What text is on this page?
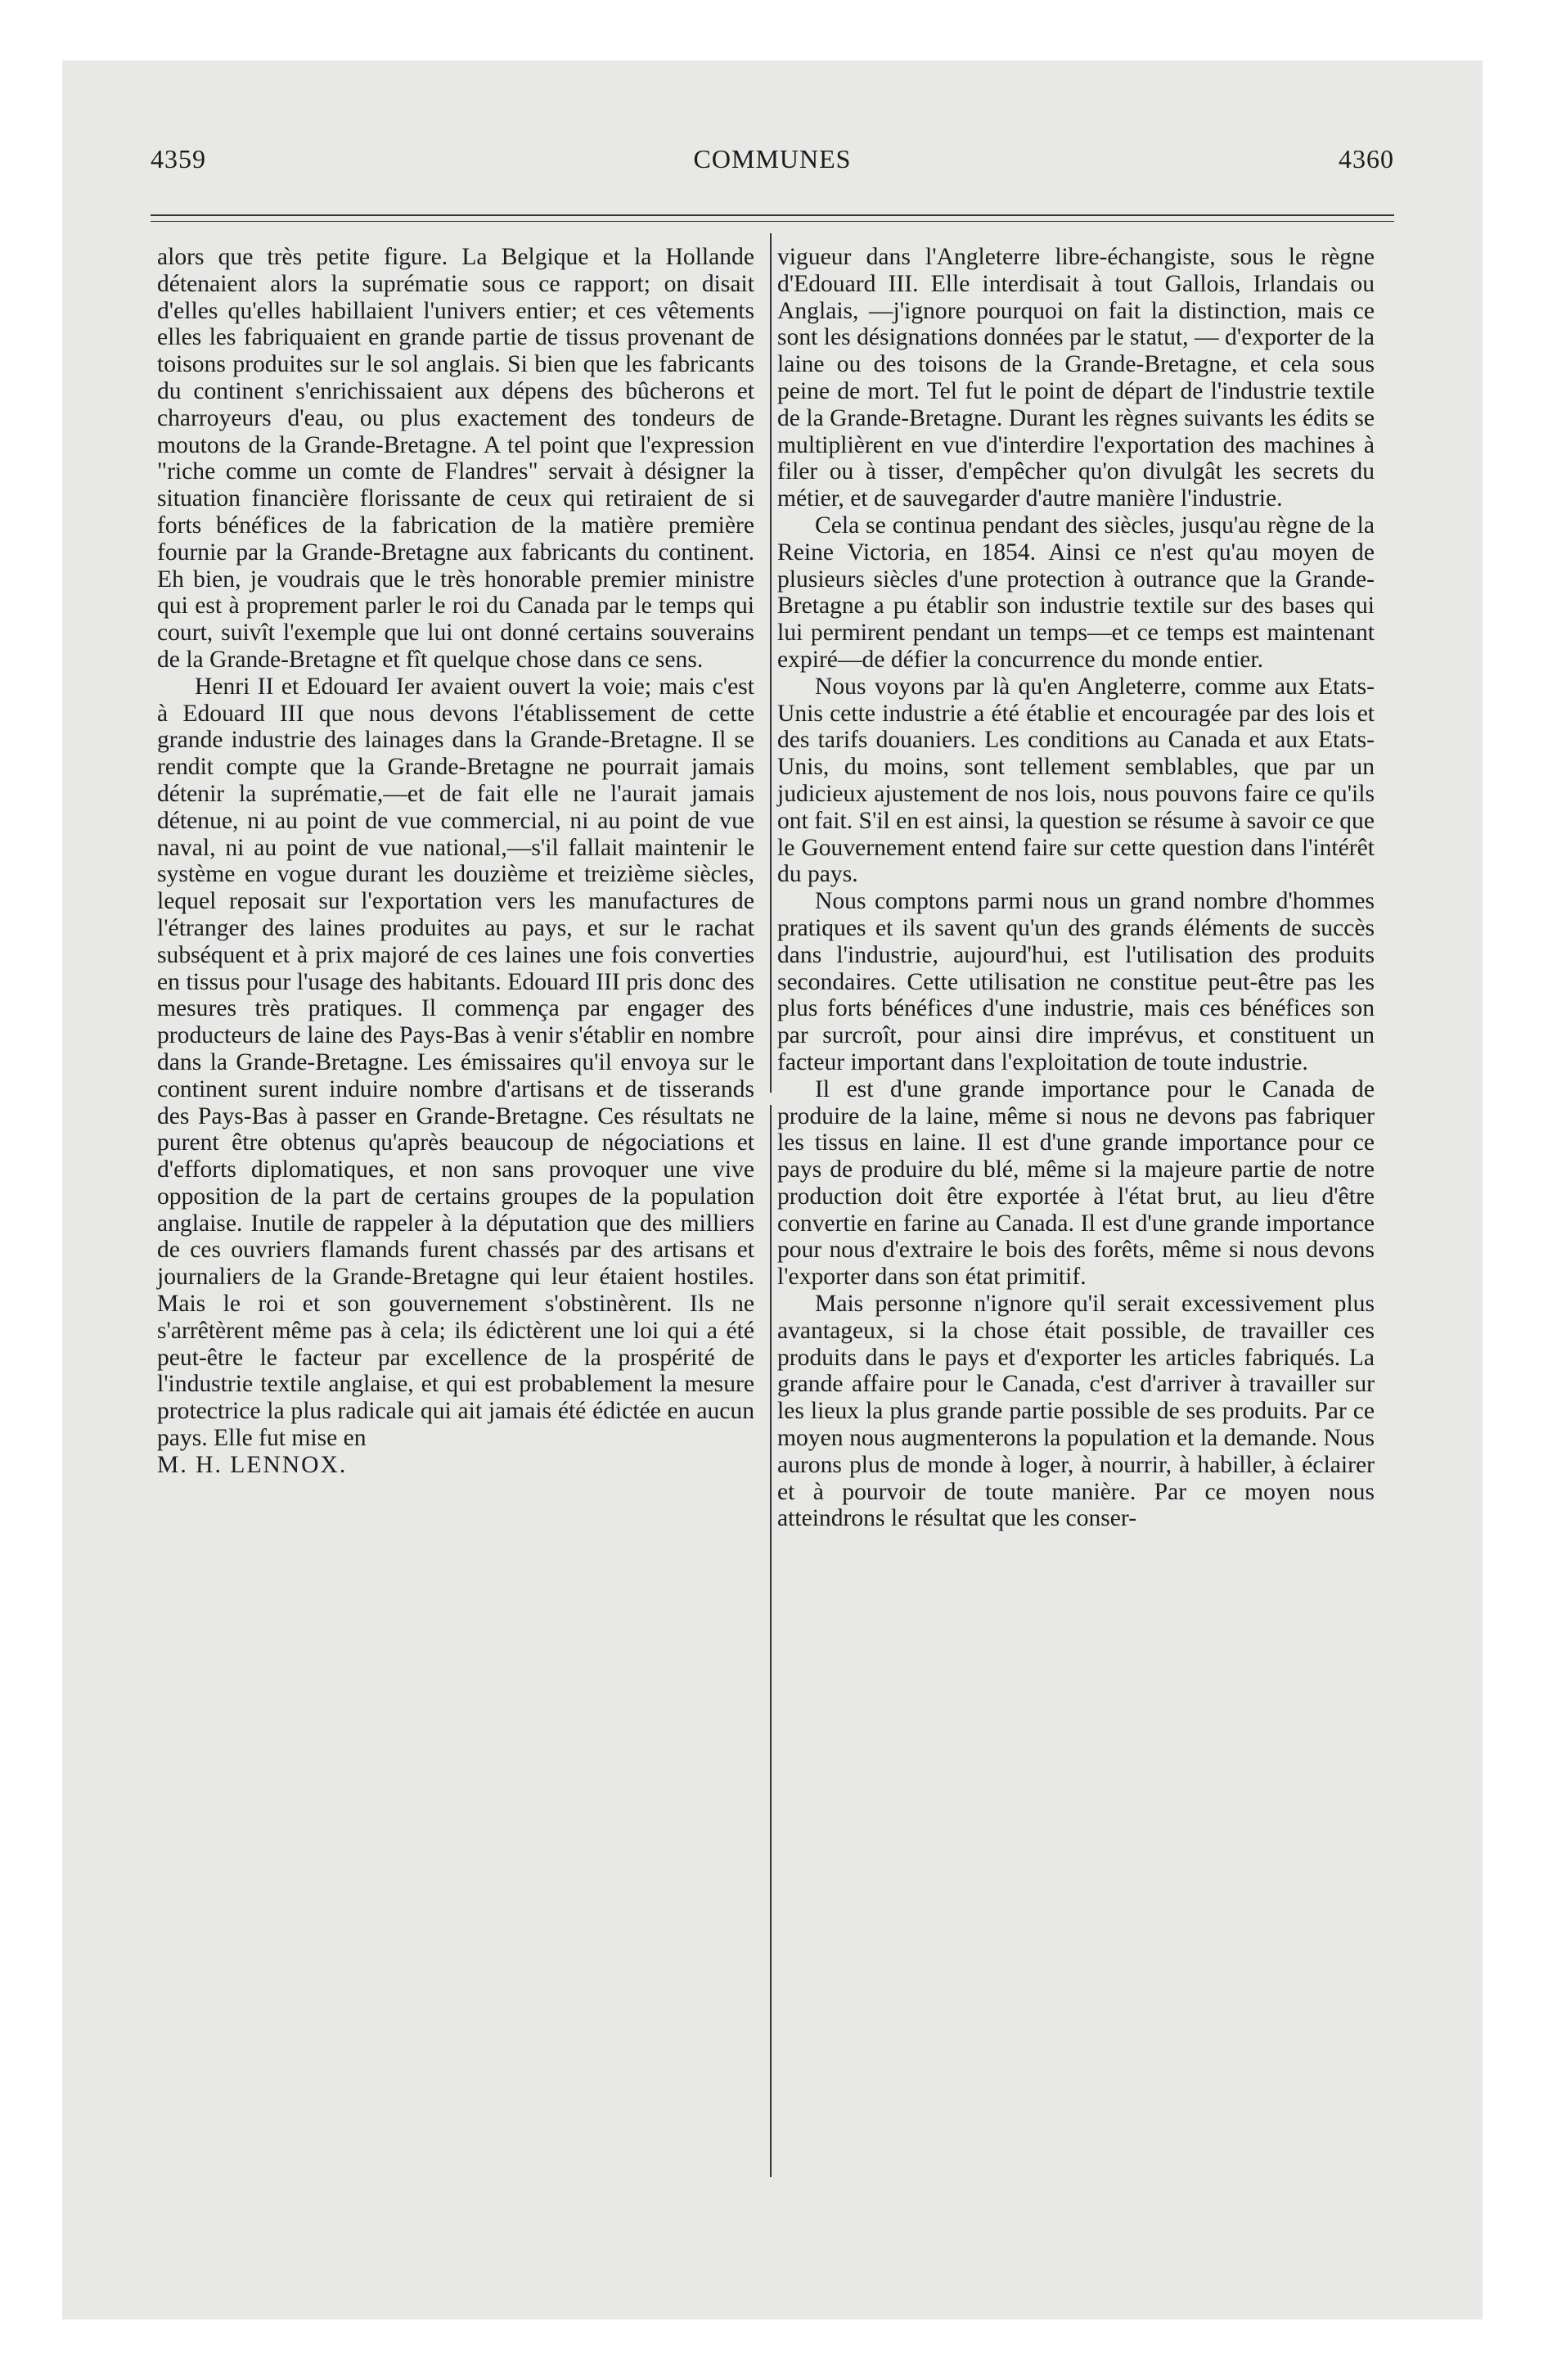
4359	COMMUNES	4360

alors que très petite figure. La Belgique et la Hollande détenaient alors la suprématie sous ce rapport; on disait d'elles qu'elles habillaient l'univers entier; et ces vêtements elles les fabriquaient en grande partie de tissus provenant de toisons produites sur le sol anglais. Si bien que les fabricants du continent s'enrichissaient aux dépens des bûcherons et charroyeurs d'eau, ou plus exactement des tondeurs de moutons de la Grande-Bretagne. A tel point que l'expression "riche comme un comte de Flandres" servait à désigner la situation financière florissante de ceux qui retiraient de si forts bénéfices de la fabrication de la matière première fournie par la Grande-Bretagne aux fabricants du continent. Eh bien, je voudrais que le très honorable premier ministre qui est à proprement parler le roi du Canada par le temps qui court, suivît l'exemple que lui ont donné certains souverains de la Grande-Bretagne et fît quelque chose dans ce sens.

Henri II et Edouard Ier avaient ouvert la voie; mais c'est à Edouard III que nous devons l'établissement de cette grande industrie des lainages dans la Grande-Bretagne. Il se rendit compte que la Grande-Bretagne ne pourrait jamais détenir la suprématie,—et de fait elle ne l'aurait jamais détenue, ni au point de vue commercial, ni au point de vue naval, ni au point de vue national,—s'il fallait maintenir le système en vogue durant les douzième et treizième siècles, lequel reposait sur l'exportation vers les manufactures de l'étranger des laines produites au pays, et sur le rachat subséquent et à prix majoré de ces laines une fois converties en tissus pour l'usage des habitants. Edouard III pris donc des mesures très pratiques. Il commença par engager des producteurs de laine des Pays-Bas à venir s'établir en nombre dans la Grande-Bretagne. Les émissaires qu'il envoya sur le continent surent induire nombre d'artisans et de tisserands des Pays-Bas à passer en Grande-Bretagne. Ces résultats ne purent être obtenus qu'après beaucoup de négociations et d'efforts diplomatiques, et non sans provoquer une vive opposition de la part de certains groupes de la population anglaise. Inutile de rappeler à la députation que des milliers de ces ouvriers flamands furent chassés par des artisans et journaliers de la Grande-Bretagne qui leur étaient hostiles. Mais le roi et son gouvernement s'obstinèrent. Ils ne s'arrêtèrent même pas à cela; ils édictèrent une loi qui a été peut-être le facteur par excellence de la prospérité de l'industrie textile anglaise, et qui est probablement la mesure protectrice la plus radicale qui ait jamais été édictée en aucun pays. Elle fut mise en

M. H. LENNOX.

vigueur dans l'Angleterre libre-échangiste, sous le règne d'Edouard III. Elle interdisait à tout Gallois, Irlandais ou Anglais, —j'ignore pourquoi on fait la distinction, mais ce sont les désignations données par le statut, — d'exporter de la laine ou des toisons de la Grande-Bretagne, et cela sous peine de mort. Tel fut le point de départ de l'industrie textile de la Grande-Bretagne. Durant les règnes suivants les édits se multiplièrent en vue d'interdire l'exportation des machines à filer ou à tisser, d'empêcher qu'on divulgât les secrets du métier, et de sauvegarder d'autre manière l'industrie.

Cela se continua pendant des siècles, jusqu'au règne de la Reine Victoria, en 1854. Ainsi ce n'est qu'au moyen de plusieurs siècles d'une protection à outrance que la Grande-Bretagne a pu établir son industrie textile sur des bases qui lui permirent pendant un temps—et ce temps est maintenant expiré—de défier la concurrence du monde entier.

Nous voyons par là qu'en Angleterre, comme aux Etats-Unis cette industrie a été établie et encouragée par des lois et des tarifs douaniers. Les conditions au Canada et aux Etats-Unis, du moins, sont tellement semblables, que par un judicieux ajustement de nos lois, nous pouvons faire ce qu'ils ont fait. S'il en est ainsi, la question se résume à savoir ce que le Gouvernement entend faire sur cette question dans l'intérêt du pays.

Nous comptons parmi nous un grand nombre d'hommes pratiques et ils savent qu'un des grands éléments de succès dans l'industrie, aujourd'hui, est l'utilisation des produits secondaires. Cette utilisation ne constitue peut-être pas les plus forts bénéfices d'une industrie, mais ces bénéfices son par surcroît, pour ainsi dire imprévus, et constituent un facteur important dans l'exploitation de toute industrie.

Il est d'une grande importance pour le Canada de produire de la laine, même si nous ne devons pas fabriquer les tissus en laine. Il est d'une grande importance pour ce pays de produire du blé, même si la majeure partie de notre production doit être exportée à l'état brut, au lieu d'être convertie en farine au Canada. Il est d'une grande importance pour nous d'extraire le bois des forêts, même si nous devons l'exporter dans son état primitif.

Mais personne n'ignore qu'il serait excessivement plus avantageux, si la chose était possible, de travailler ces produits dans le pays et d'exporter les articles fabriqués. La grande affaire pour le Canada, c'est d'arriver à travailler sur les lieux la plus grande partie possible de ses produits. Par ce moyen nous augmenterons la population et la demande. Nous aurons plus de monde à loger, à nourrir, à habiller, à éclairer et à pourvoir de toute manière. Par ce moyen nous atteindrons le résultat que les conser-
